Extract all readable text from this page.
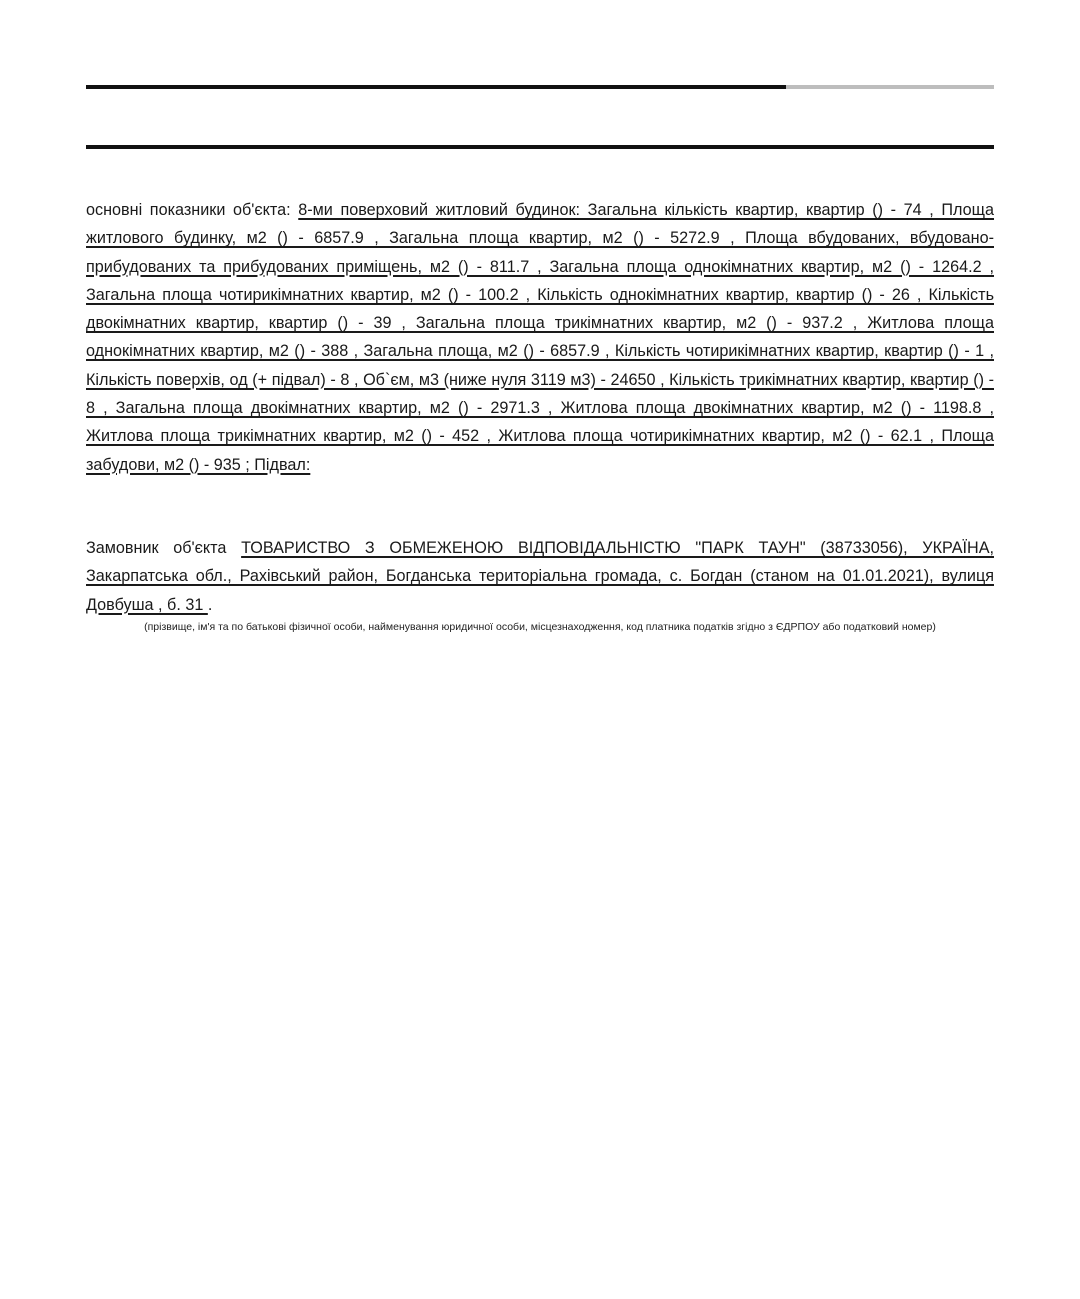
основні показники об'єкта: 8-ми поверховий житловий будинок: Загальна кількість квартир, квартир () - 74 , Площа житлового будинку, м2 () - 6857.9 , Загальна площа квартир, м2 () - 5272.9 , Площа вбудованих, вбудовано-прибудованих та прибудованих приміщень, м2 () - 811.7 , Загальна площа однокімнатних квартир, м2 () - 1264.2 , Загальна площа чотирикімнатних квартир, м2 () - 100.2 , Кількість однокімнатних квартир, квартир () - 26 , Кількість двокімнатних квартир, квартир () - 39 , Загальна площа трикімнатних квартир, м2 () - 937.2 , Житлова площа однокімнатних квартир, м2 () - 388 , Загальна площа, м2 () - 6857.9 , Кількість чотирикімнатних квартир, квартир () - 1 , Кількість поверхів, од (+ підвал) - 8 , Об`єм, м3 (ниже нуля 3119 м3) - 24650 , Кількість трикімнатних квартир, квартир () - 8 , Загальна площа двокімнатних квартир, м2 () - 2971.3 , Житлова площа двокімнатних квартир, м2 () - 1198.8 , Житлова площа трикімнатних квартир, м2 () - 452 , Житлова площа чотирикімнатних квартир, м2 () - 62.1 , Площа забудови, м2 () - 935 ; Підвал:
Замовник об'єкта ТОВАРИСТВО З ОБМЕЖЕНОЮ ВІДПОВІДАЛЬНІСТЮ "ПАРК ТАУН" (38733056), УКРАЇНА, Закарпатська обл., Рахівський район, Богданська територіальна громада, с. Богдан (станом на 01.01.2021), вулиця Довбуша , б. 31 .
(прізвище, ім'я та по батькові фізичної особи, найменування юридичної особи, місцезнаходження, код платника податків згідно з ЄДРПОУ або податковий номер)
